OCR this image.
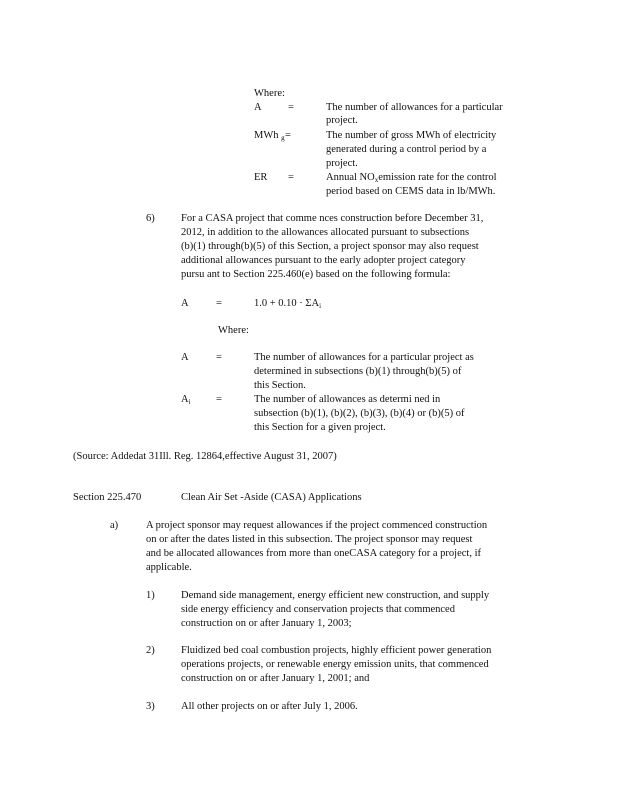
Where:
A	=	The number of allowances for a particular
project.
MWh $_g$ =	The number of gross MWh of electricity
generated during a control period by a
project.
ER =	Annual $NO_xemission$ rate for the control
period based on CEMS data in lb/MWh.
6)	For a CASA project that comme nces construction before December 31,
2012, in addition to the allowances allocated pursuant to subsections
(b)(1) through(b)(5) of this Section, a project sponsor may also request
additional allowances pursuant to the early adopter project category
pursu ant to Section 225.460(e) based on the following formula:
A	=	$1.0 + 0.10 \cdot \Sigma A_i$
Where:
A	=	The number of allowances for a particular project as
determined in subsections (b)(1) through(b)(5) of
this Section.
$A_i$ =	The number of allowances as determi ned in
subsection (b)(1), (b)(2), (b)(3), (b)(4) or (b)(5) of
this Section for a given project.
(Source: Addedat 31Ill. Reg. 12864,effective August 31, 2007)
Section 225.470	Clean Air Set -Aside (CASA) Applications
a)	A project sponsor may request allowances if the project commenced construction
on or after the dates listed in this subsection. The project sponsor may request
and be allocated allowances from more than oneCASA category for a project, if
applicable.
1)	Demand side management, energy efficient new construction, and supply
side energy efficiency and conservation projects that commenced
construction on or after January 1, 2003;
2)	Fluidized bed coal combustion projects, highly efficient power generation
operations projects, or renewable energy emission units, that commenced
construction on or after January 1, 2001; and
3)	All other projects on or after July 1, 2006.
